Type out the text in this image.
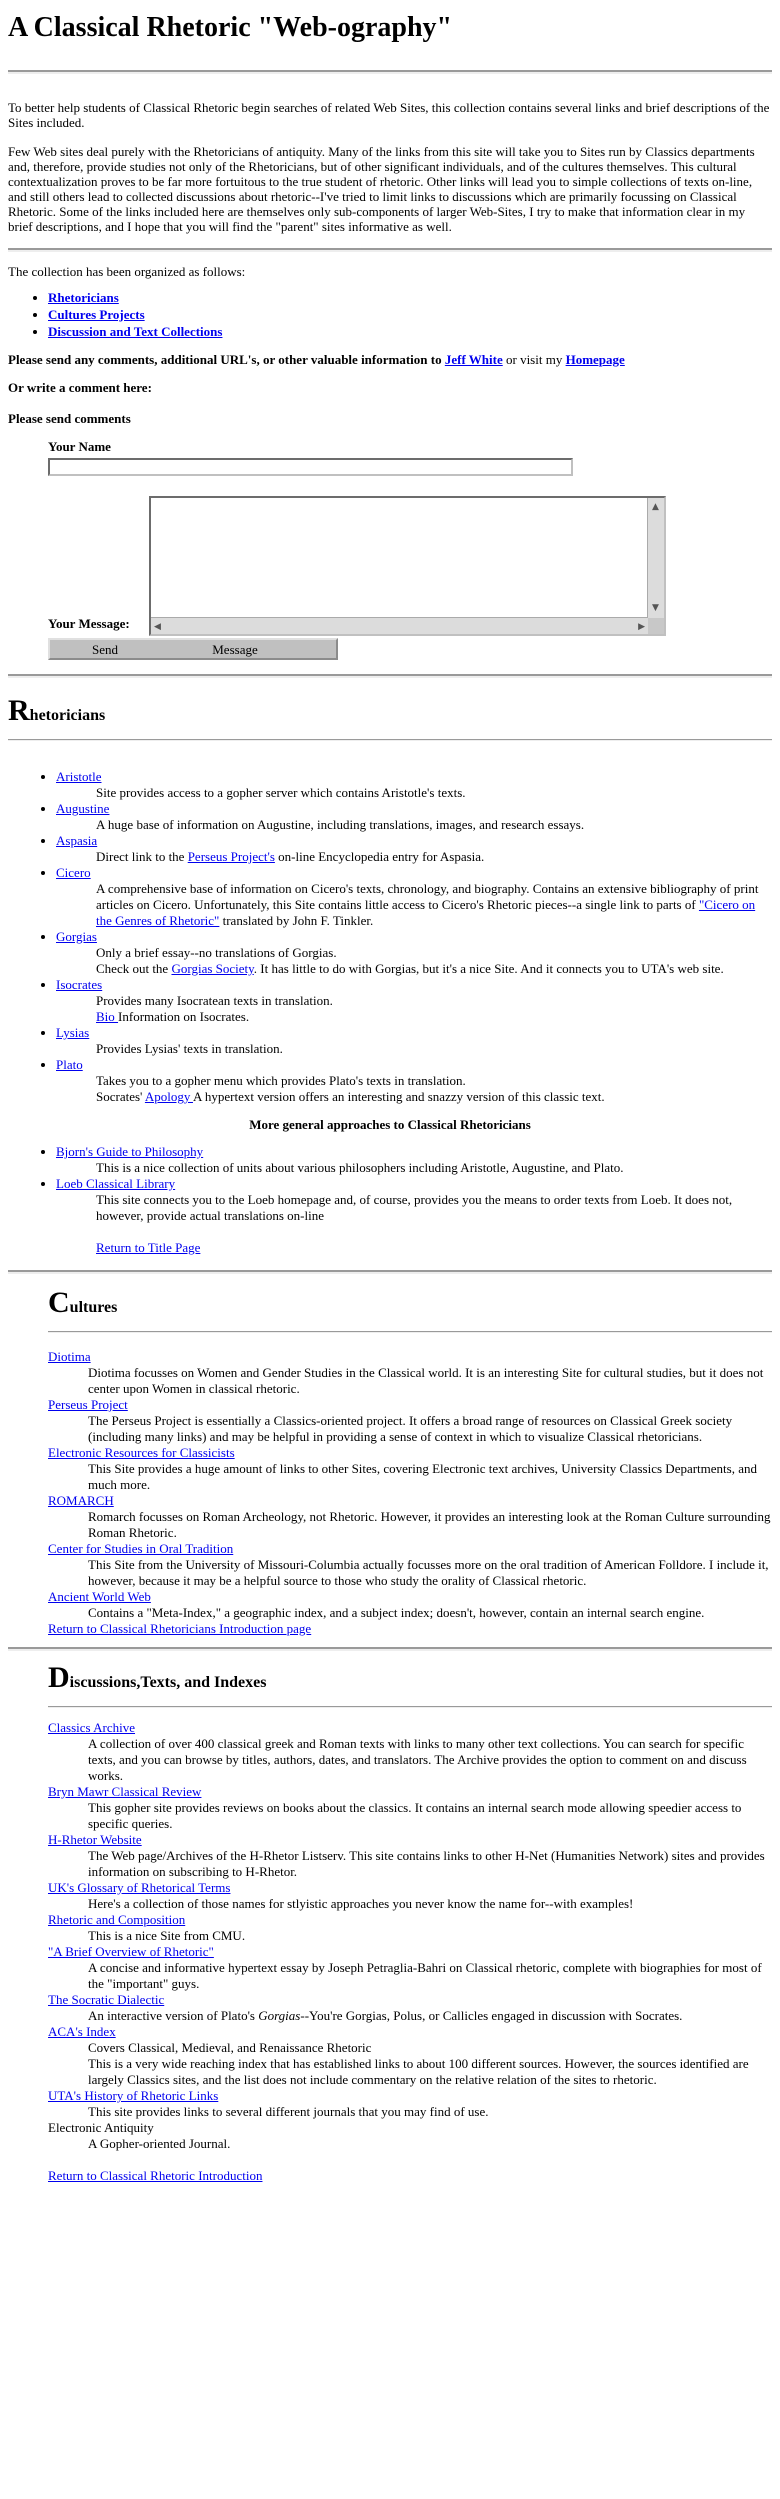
A Classical Rhetoric "Web-ography"

To better help students of Classical Rhetoric begin searches of related Web Sites, this collection contains several links and brief descriptions of the Sites included.

Few Web sites deal purely with the Rhetoricians of antiquity. Many of the links from this site will take you to Sites run by Classics departments and, therefore, provide studies not only of the Rhetoricians, but of other significant individuals, and of the cultures themselves. This cultural contextualization proves to be far more fortuitous to the true student of rhetoric. Other links will lead you to simple collections of texts on-line, and still others lead to collected discussions about rhetoric--I've tried to limit links to discussions which are primarily focussing on Classical Rhetoric. Some of the links included here are themselves only sub-components of larger Web-Sites, I try to make that information clear in my brief descriptions, and I hope that you will find the "parent" sites informative as well.

The collection has been organized as follows:

• Rhetoricians
• Cultures Projects
• Discussion and Text Collections

Please send any comments, additional URL's, or other valuable information to Jeff White or visit my Homepage

Or write a comment here:

Please send comments

Your Name
Your Message:
▲
▼
◀	▶
Send	Message
Rhetoricians
• Aristotle
Site provides access to a gopher server which contains Aristotle's texts.
• Augustine
A huge base of information on Augustine, including translations, images, and research essays.
• Aspasia
Direct link to the Perseus Project's on-line Encyclopedia entry for Aspasia.
• Cicero
A comprehensive base of information on Cicero's texts, chronology, and biography. Contains an extensive bibliography of print articles on Cicero. Unfortunately, this Site contains little access to Cicero's Rhetoric pieces--a single link to parts of "Cicero on the Genres of Rhetoric" translated by John F. Tinkler.
• Gorgias
Only a brief essay--no translations of Gorgias.
Check out the Gorgias Society. It has little to do with Gorgias, but it's a nice Site. And it connects you to UTA's web site.
• Isocrates
Provides many Isocratean texts in translation.
Bio Information on Isocrates.
• Lysias
Provides Lysias' texts in translation.
• Plato
Takes you to a gopher menu which provides Plato's texts in translation.
Socrates' Apology A hypertext version offers an interesting and snazzy version of this classic text.
More general approaches to Classical Rhetoricians
• Bjorn's Guide to Philosophy
This is a nice collection of units about various philosophers including Aristotle, Augustine, and Plato.
• Loeb Classical Library
This site connects you to the Loeb homepage and, of course, provides you the means to order texts from Loeb. It does not, however, provide actual translations on-line
Return to Title Page
Cultures
Diotima
Diotima focusses on Women and Gender Studies in the Classical world. It is an interesting Site for cultural studies, but it does not center upon Women in classical rhetoric.
Perseus Project
The Perseus Project is essentially a Classics-oriented project. It offers a broad range of resources on Classical Greek society (including many links) and may be helpful in providing a sense of context in which to visualize Classical rhetoricians.
Electronic Resources for Classicists
This Site provides a huge amount of links to other Sites, covering Electronic text archives, University Classics Departments, and much more.
ROMARCH
Romarch focusses on Roman Archeology, not Rhetoric. However, it provides an interesting look at the Roman Culture surrounding Roman Rhetoric.
Center for Studies in Oral Tradition
This Site from the University of Missouri-Columbia actually focusses more on the oral tradition of American Folldore. I include it, however, because it may be a helpful source to those who study the orality of Classical rhetoric.
Ancient World Web
Contains a "Meta-Index," a geographic index, and a subject index; doesn't, however, contain an internal search engine.
Return to Classical Rhetoricians Introduction page
Discussions,Texts, and Indexes
Classics Archive
A collection of over 400 classical greek and Roman texts with links to many other text collections. You can search for specific texts, and you can browse by titles, authors, dates, and translators. The Archive provides the option to comment on and discuss works.
Bryn Mawr Classical Review
This gopher site provides reviews on books about the classics. It contains an internal search mode allowing speedier access to specific queries.
H-Rhetor Website
The Web page/Archives of the H-Rhetor Listserv. This site contains links to other H-Net (Humanities Network) sites and provides information on subscribing to H-Rhetor.
UK's Glossary of Rhetorical Terms
Here's a collection of those names for stlyistic approaches you never know the name for--with examples!
Rhetoric and Composition
This is a nice Site from CMU.
"A Brief Overview of Rhetoric"
A concise and informative hypertext essay by Joseph Petraglia-Bahri on Classical rhetoric, complete with biographies for most of the "important" guys.
The Socratic Dialectic
An interactive version of Plato's Gorgias--You're Gorgias, Polus, or Callicles engaged in discussion with Socrates.
ACA's Index
Covers Classical, Medieval, and Renaissance Rhetoric
This is a very wide reaching index that has established links to about 100 different sources. However, the sources identified are largely Classics sites, and the list does not include commentary on the relative relation of the sites to rhetoric.
UTA's History of Rhetoric Links
This site provides links to several different journals that you may find of use.
Electronic Antiquity
A Gopher-oriented Journal.
Return to Classical Rhetoric Introduction
